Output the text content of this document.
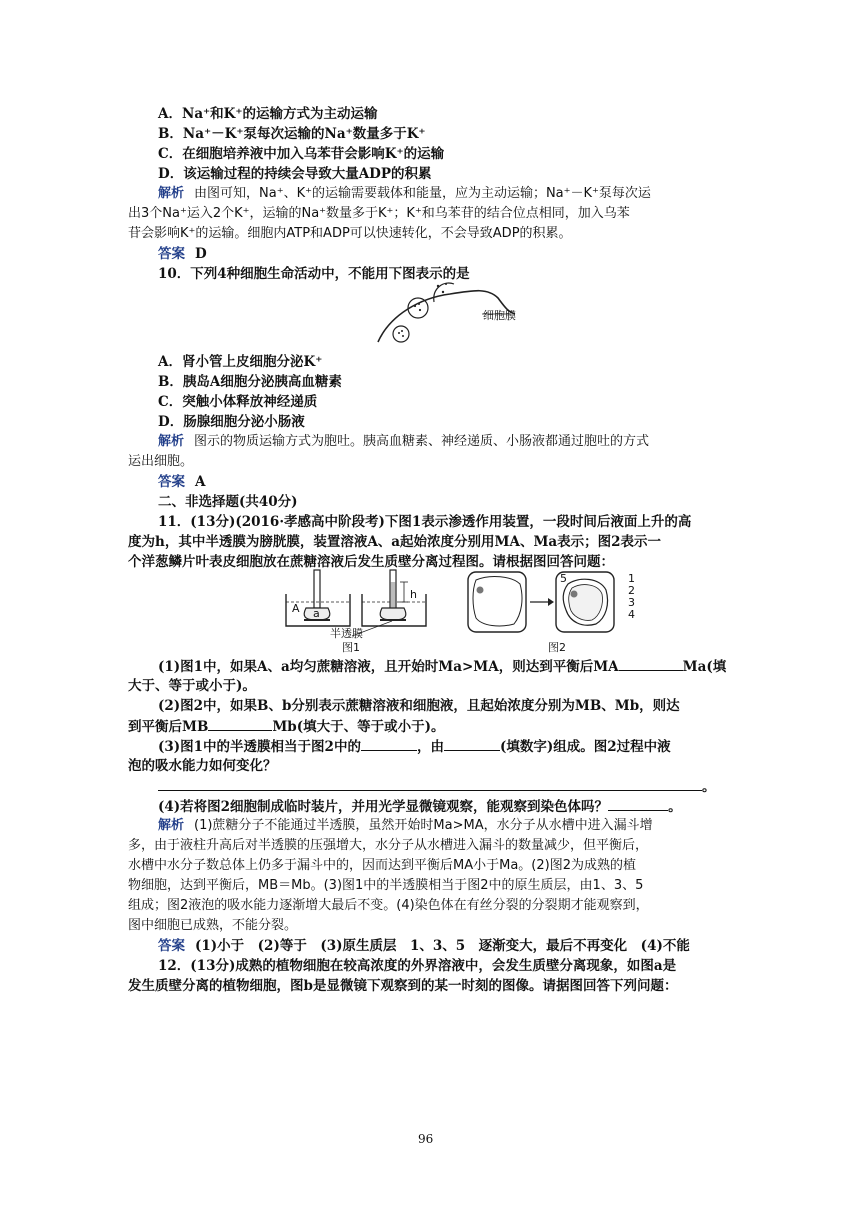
A．Na⁺和K⁺的运输方式为主动运输
B．Na⁺－K⁺泵每次运输的Na⁺数量多于K⁺
C．在细胞培养液中加入乌苯苷会影响K⁺的运输
D．该运输过程的持续会导致大量ADP的积累
解析 由图可知，Na⁺、K⁺的运输需要载体和能量，应为主动运输；Na⁺－K⁺泵每次运
出3个Na⁺运入2个K⁺，运输的Na⁺数量多于K⁺；K⁺和乌苯苷的结合位点相同，加入乌苯
苷会影响K⁺的运输。细胞内ATP和ADP可以快速转化，不会导致ADP的积累。
答案 D
10．下列4种细胞生命活动中，不能用下图表示的是
细胞膜
A．肾小管上皮细胞分泌K⁺
B．胰岛A细胞分泌胰高血糖素
C．突触小体释放神经递质
D．肠腺细胞分泌小肠液
解析 图示的物质运输方式为胞吐。胰高血糖素、神经递质、小肠液都通过胞吐的方式
运出细胞。
答案 A
二、非选择题(共40分)
11．(13分)(2016·孝感高中阶段考)下图1表示渗透作用装置，一段时间后液面上升的高
度为h，其中半透膜为膀胱膜，装置溶液A、a起始浓度分别用MA、Ma表示；图2表示一
个洋葱鳞片叶表皮细胞放在蔗糖溶液后发生质壁分离过程图。请根据图回答问题：
A a
h
半透膜
图1
5	1
2
3
4
图2
(1)图1中，如果A、a均匀蔗糖溶液，且开始时Ma>MA，则达到平衡后MA	Ma(填
大于、等于或小于)。
(2)图2中，如果B、b分别表示蔗糖溶液和细胞液，且起始浓度分别为MB、Mb，则达
到平衡后MB	Mb(填大于、等于或小于)。
(3)图1中的半透膜相当于图2中的	，由	(填数字)组成。图2过程中液
泡的吸水能力如何变化？
。
(4)若将图2细胞制成临时装片，并用光学显微镜观察，能观察到染色体吗？	。
解析 (1)蔗糖分子不能通过半透膜，虽然开始时Ma>MA，水分子从水槽中进入漏斗增
多，由于液柱升高后对半透膜的压强增大，水分子从水槽进入漏斗的数量减少，但平衡后，
水槽中水分子数总体上仍多于漏斗中的，因而达到平衡后MA小于Ma。(2)图2为成熟的植
物细胞，达到平衡后，MB＝Mb。(3)图1中的半透膜相当于图2中的原生质层，由1、3、5
组成；图2液泡的吸水能力逐渐增大最后不变。(4)染色体在有丝分裂的分裂期才能观察到，
图中细胞已成熟，不能分裂。
答案 (1)小于　(2)等于　(3)原生质层　1、3、5　逐渐变大，最后不再变化　(4)不能
12．(13分)成熟的植物细胞在较高浓度的外界溶液中，会发生质壁分离现象，如图a是
发生质壁分离的植物细胞，图b是显微镜下观察到的某一时刻的图像。请据图回答下列问题：
96
